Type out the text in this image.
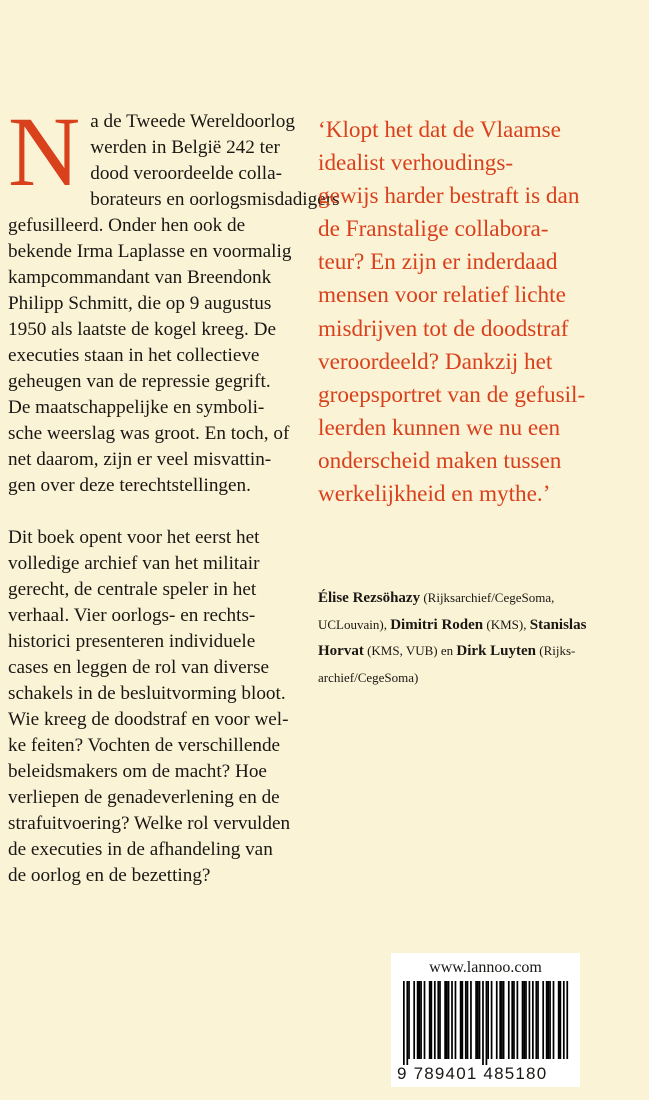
N a de Tweede Wereldoorlog
werden in België 242 ter
dood veroordeelde colla-
borateurs en oorlogsmisdadigers
gefusilleerd. Onder hen ook de
bekende Irma Laplasse en voormalig
kampcommandant van Breendonk
Philipp Schmitt, die op 9 augustus
1950 als laatste de kogel kreeg. De
executies staan in het collectieve
geheugen van de repressie gegrift.
De maatschappelijke en symboli-
sche weerslag was groot. En toch, of
net daarom, zijn er veel misvattin-
gen over deze terechtstellingen.

Dit boek opent voor het eerst het
volledige archief van het militair
gerecht, de centrale speler in het
verhaal. Vier oorlogs- en rechts-
historici presenteren individuele
cases en leggen de rol van diverse
schakels in de besluitvorming bloot.
Wie kreeg de doodstraf en voor wel-
ke feiten? Vochten de verschillende
beleidsmakers om de macht? Hoe
verliepen de genadeverlening en de
strafuitvoering? Welke rol vervulden
de executies in de afhandeling van
de oorlog en de bezetting?

‘Klopt het dat de Vlaamse
idealist verhoudings-
gewijs harder bestraft is dan
de Franstalige collabora-
teur? En zijn er inderdaad
mensen voor relatief lichte
misdrijven tot de doodstraf
veroordeeld? Dankzij het
groepsportret van de gefusil-
leerden kunnen we nu een
onderscheid maken tussen
werkelijkheid en mythe.’
Élise Rezsöhazy (Rijksarchief/CegeSoma,
UCLouvain), Dimitri Roden (KMS), Stanislas
Horvat (KMS, VUB) en Dirk Luyten (Rijks-
archief/CegeSoma)
www.lannoo.com
9 789401 485180
